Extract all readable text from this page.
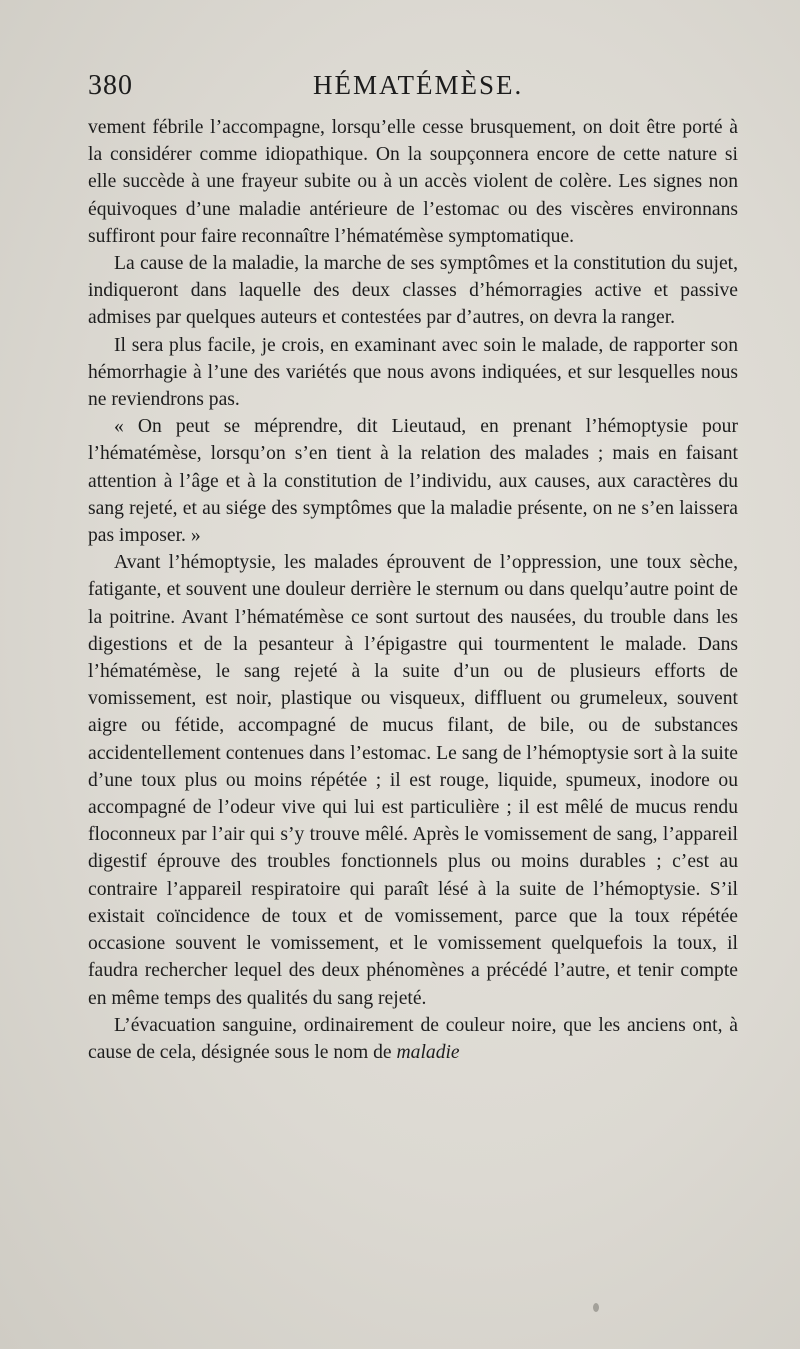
380	HÉMATÉMÈSE.

vement fébrile l’accompagne, lorsqu’elle cesse brusquement, on doit être porté à la considérer comme idiopathique. On la soupçonnera encore de cette nature si elle succède à une frayeur subite ou à un accès violent de colère. Les signes non équivoques d’une maladie antérieure de l’estomac ou des viscères environnans suffiront pour faire reconnaître l’hématémèse symptomatique.

La cause de la maladie, la marche de ses symptômes et la constitution du sujet, indiqueront dans laquelle des deux classes d’hémorragies active et passive admises par quelques auteurs et contestées par d’autres, on devra la ranger.

Il sera plus facile, je crois, en examinant avec soin le malade, de rapporter son hémorrhagie à l’une des variétés que nous avons indiquées, et sur lesquelles nous ne reviendrons pas.

« On peut se méprendre, dit Lieutaud, en prenant l’hémoptysie pour l’hématémèse, lorsqu’on s’en tient à la relation des malades ; mais en faisant attention à l’âge et à la constitution de l’individu, aux causes, aux caractères du sang rejeté, et au siége des symptômes que la maladie présente, on ne s’en laissera pas imposer. »

Avant l’hémoptysie, les malades éprouvent de l’oppression, une toux sèche, fatigante, et souvent une douleur derrière le sternum ou dans quelqu’autre point de la poitrine. Avant l’hématémèse ce sont surtout des nausées, du trouble dans les digestions et de la pesanteur à l’épigastre qui tourmentent le malade. Dans l’hématémèse, le sang rejeté à la suite d’un ou de plusieurs efforts de vomissement, est noir, plastique ou visqueux, diffluent ou grumeleux, souvent aigre ou fétide, accompagné de mucus filant, de bile, ou de substances accidentellement contenues dans l’estomac. Le sang de l’hémoptysie sort à la suite d’une toux plus ou moins répétée ; il est rouge, liquide, spumeux, inodore ou accompagné de l’odeur vive qui lui est particulière ; il est mêlé de mucus rendu floconneux par l’air qui s’y trouve mêlé. Après le vomissement de sang, l’appareil digestif éprouve des troubles fonctionnels plus ou moins durables ; c’est au contraire l’appareil respiratoire qui paraît lésé à la suite de l’hémoptysie. S’il existait coïncidence de toux et de vomissement, parce que la toux répétée occasione souvent le vomissement, et le vomissement quelquefois la toux, il faudra rechercher lequel des deux phénomènes a précédé l’autre, et tenir compte en même temps des qualités du sang rejeté.

L’évacuation sanguine, ordinairement de couleur noire, que les anciens ont, à cause de cela, désignée sous le nom de maladie
